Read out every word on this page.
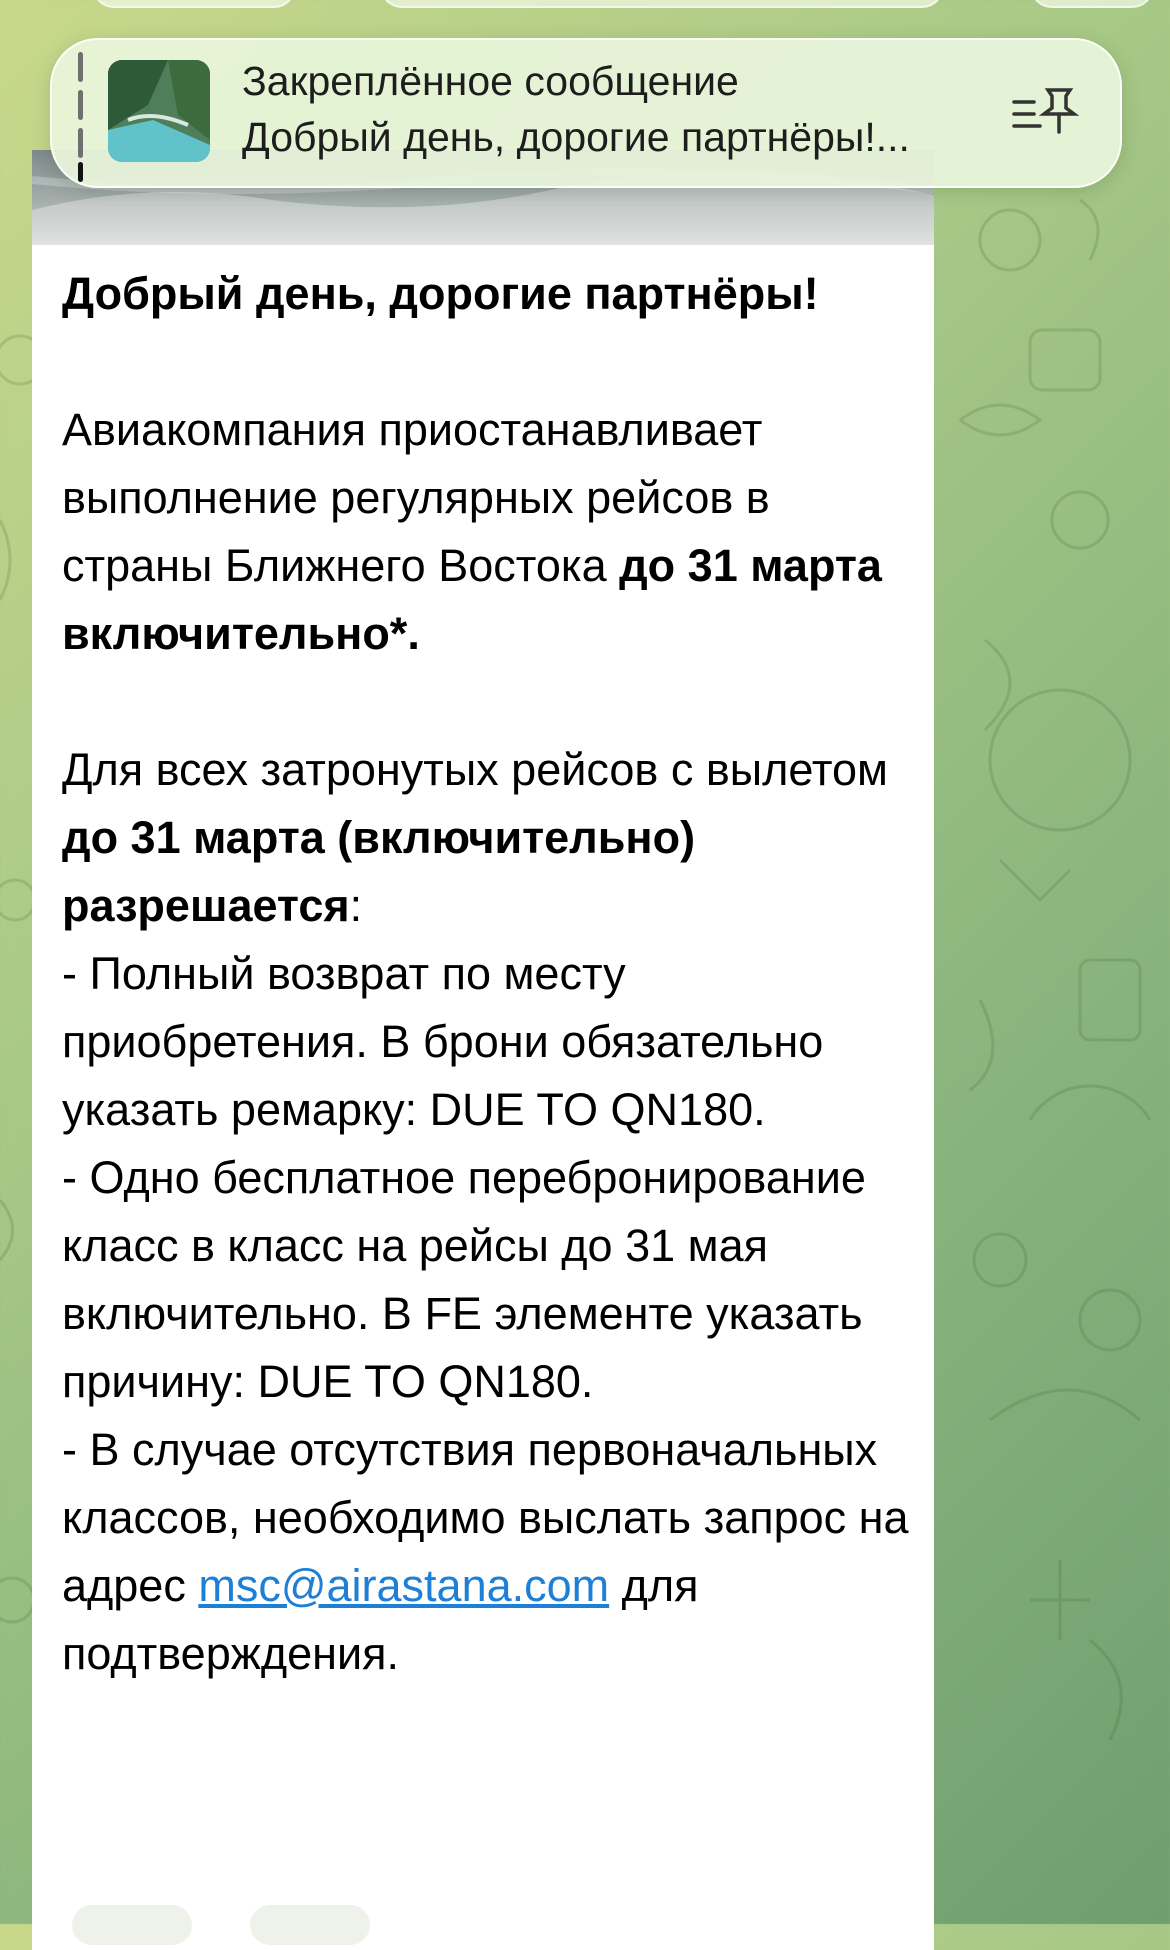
Добрый день, дорогие партнёры!

Авиакомпания приостанавливает выполнение регулярных рейсов в страны Ближнего Востока до 31 марта включительно*.

Для всех затронутых рейсов с вылетом до 31 марта (включительно) разрешается:

- Полный возврат по месту приобретения. В брони обязательно указать ремарку: DUE TO QN180.

- Одно бесплатное перебронирование класс в класс на рейсы до 31 мая включительно. В FE элементе указать причину: DUE TO QN180.

- В случае отсутствия первоначальных классов, необходимо выслать запрос на адрес msc@airastana.com для подтверждения.

Закреплённое сообщение
Добрый день, дорогие партнёры!...
